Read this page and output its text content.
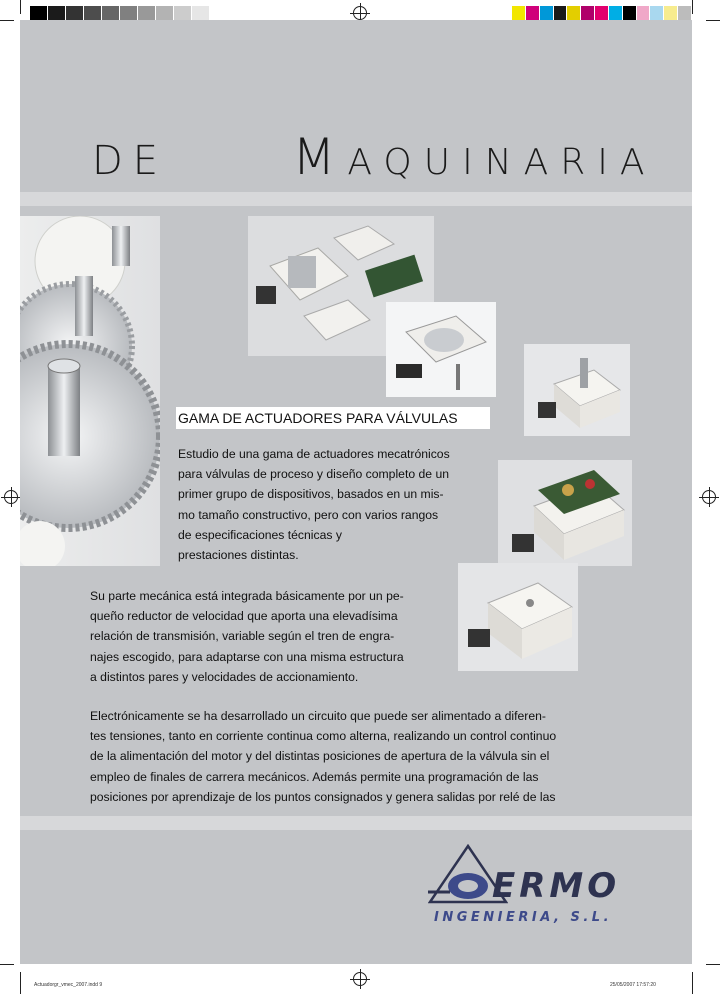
DE MAQUINARIA
GAMA DE ACTUADORES PARA VÁLVULAS
Estudio de una gama de actuadores mecatrónicos
para válvulas de proceso y diseño completo de un
primer grupo de dispositivos, basados en un mis-
mo tamaño constructivo, pero con varios rangos
de especificaciones técnicas y
prestaciones distintas.
Su parte mecánica está integrada básicamente por un pe-
queño reductor de velocidad que aporta una elevadísima
relación de transmisión, variable según el tren de engra-
najes escogido, para adaptarse con una misma estructura
a distintos pares y velocidades de accionamiento.
Electrónicamente se ha desarrollado un circuito que puede ser alimentado a diferen-
tes tensiones, tanto en corriente continua como alterna, realizando un control continuo
de la alimentación del motor y del distintas posiciones de apertura de la válvula sin el
empleo de finales de carrera mecánicos. Además permite una programación de las
posiciones por aprendizaje de los puntos consignados y genera salidas por relé de las
ERMO
INGENIERIA, S.L.
Actuadorgr_vmec_2007.indd 9	25/05/2007 17:57:20
